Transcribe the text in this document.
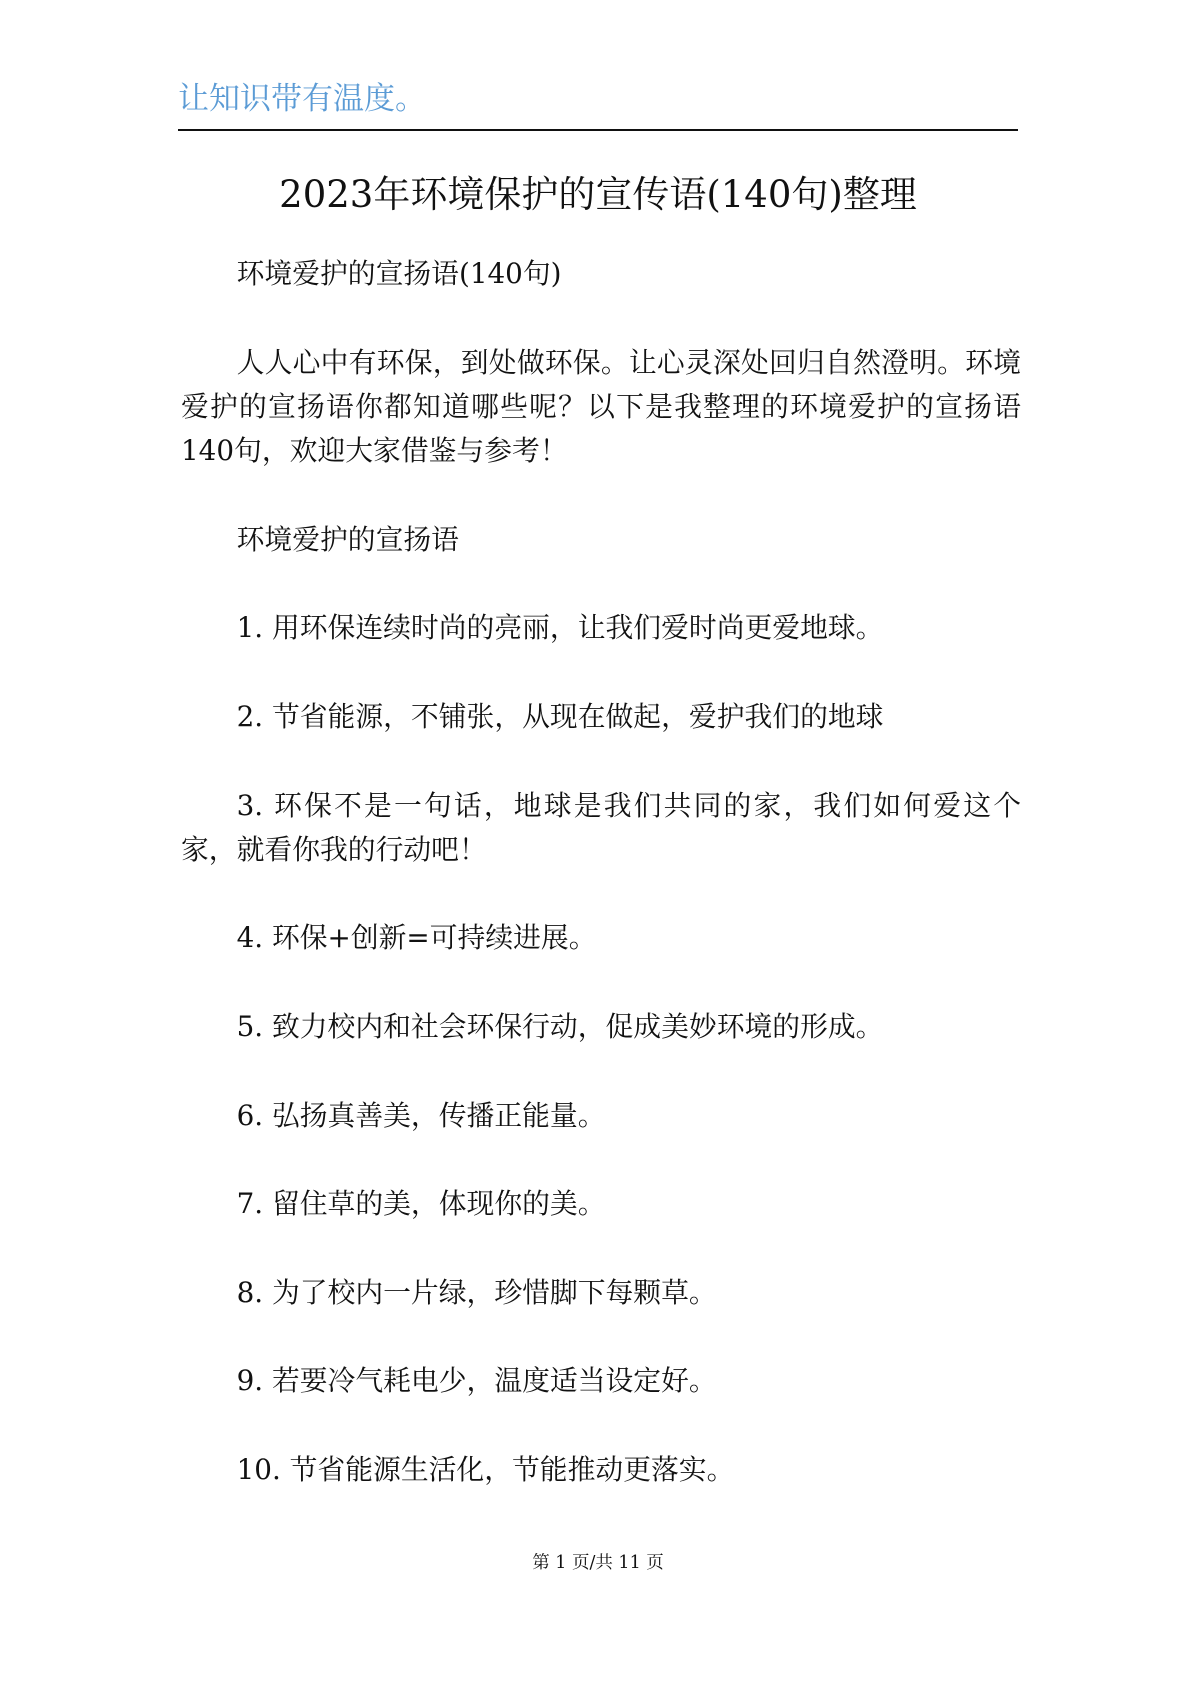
让知识带有温度。
2023年环境保护的宣传语(140句)整理

环境爱护的宣扬语(140句)

人人心中有环保，到处做环保。让心灵深处回归自然澄明。环境爱护的宣扬语你都知道哪些呢？以下是我整理的环境爱护的宣扬语140句，欢迎大家借鉴与参考！

环境爱护的宣扬语

1. 用环保连续时尚的亮丽，让我们爱时尚更爱地球。

2. 节省能源，不铺张，从现在做起，爱护我们的地球

3. 环保不是一句话，地球是我们共同的家，我们如何爱这个家，就看你我的行动吧！

4. 环保+创新=可持续进展。

5. 致力校内和社会环保行动，促成美妙环境的形成。

6. 弘扬真善美，传播正能量。

7. 留住草的美，体现你的美。

8. 为了校内一片绿，珍惜脚下每颗草。

9. 若要冷气耗电少，温度适当设定好。

10. 节省能源生活化，节能推动更落实。

第 1 页/共 11 页
